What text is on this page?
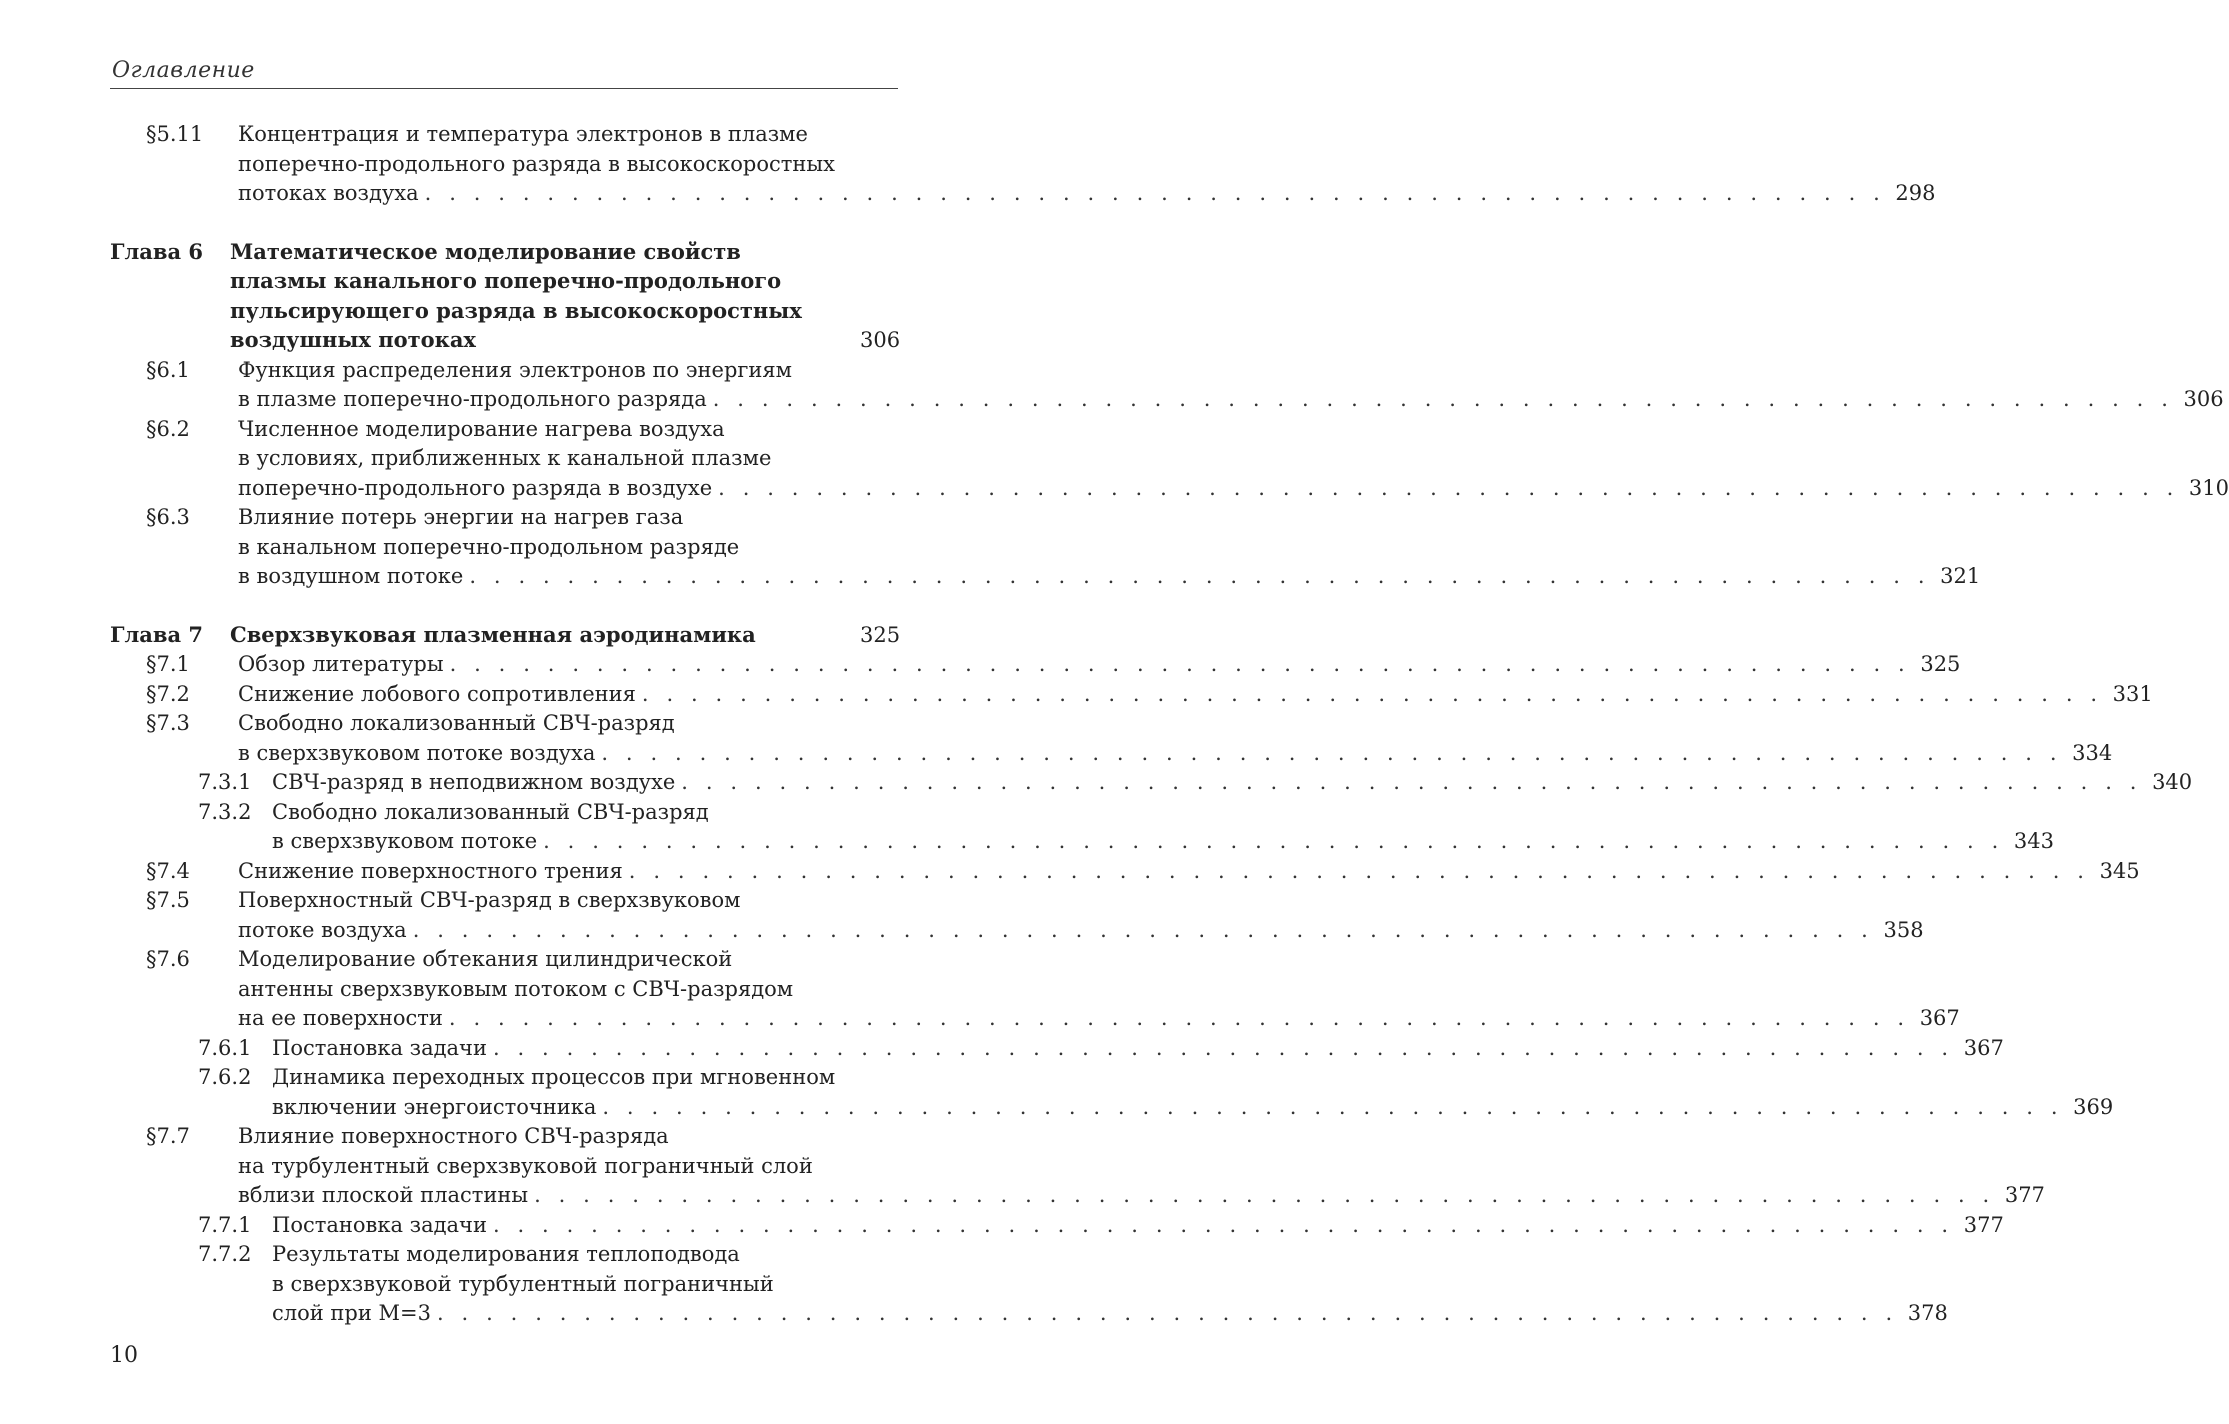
Оглавление
§5.11 Концентрация и температура электронов в плазме
поперечно-продольного разряда в высокоскоростных
потоках воздуха . . . . . . . . . . . . . . . . . . . . . . . . . . . . . . . . . . . . . . . . . . . . . . . . . . . . . . . . . . . . 298
Глава 6 Математическое моделирование свойств
плазмы канального поперечно-продольного
пульсирующего разряда в высокоскоростных
воздушных потоках	306
§6.1 Функция распределения электронов по энергиям
в плазме поперечно-продольного разряда . . . . . . . . . . . . . . . . . . . . . . . . . . . . . . . . . . . . . . . . . . . . . . . . . . . . . . . . . . . . 306
§6.2 Численное моделирование нагрева воздуха
в условиях, приближенных к канальной плазме
поперечно-продольного разряда в воздухе . . . . . . . . . . . . . . . . . . . . . . . . . . . . . . . . . . . . . . . . . . . . . . . . . . . . . . . . . . . . 310
§6.3 Влияние потерь энергии на нагрев газа
в канальном поперечно-продольном разряде
в воздушном потоке . . . . . . . . . . . . . . . . . . . . . . . . . . . . . . . . . . . . . . . . . . . . . . . . . . . . . . . . . . . . 321
Глава 7 Сверхзвуковая плазменная аэродинамика	325
§7.1 Обзор литературы . . . . . . . . . . . . . . . . . . . . . . . . . . . . . . . . . . . . . . . . . . . . . . . . . . . . . . . . . . . . 325
§7.2 Снижение лобового сопротивления . . . . . . . . . . . . . . . . . . . . . . . . . . . . . . . . . . . . . . . . . . . . . . . . . . . . . . . . . . . . 331
§7.3 Свободно локализованный СВЧ-разряд
в сверхзвуковом потоке воздуха . . . . . . . . . . . . . . . . . . . . . . . . . . . . . . . . . . . . . . . . . . . . . . . . . . . . . . . . . . . . 334
7.3.1 СВЧ-разряд в неподвижном воздухе . . . . . . . . . . . . . . . . . . . . . . . . . . . . . . . . . . . . . . . . . . . . . . . . . . . . . . . . . . . . 340
7.3.2 Свободно локализованный СВЧ-разряд
в сверхзвуковом потоке . . . . . . . . . . . . . . . . . . . . . . . . . . . . . . . . . . . . . . . . . . . . . . . . . . . . . . . . . . . . 343
§7.4 Снижение поверхностного трения . . . . . . . . . . . . . . . . . . . . . . . . . . . . . . . . . . . . . . . . . . . . . . . . . . . . . . . . . . . . 345
§7.5 Поверхностный СВЧ-разряд в сверхзвуковом
потоке воздуха . . . . . . . . . . . . . . . . . . . . . . . . . . . . . . . . . . . . . . . . . . . . . . . . . . . . . . . . . . . . 358
§7.6 Моделирование обтекания цилиндрической
антенны сверхзвуковым потоком с СВЧ-разрядом
на ее поверхности . . . . . . . . . . . . . . . . . . . . . . . . . . . . . . . . . . . . . . . . . . . . . . . . . . . . . . . . . . . . 367
7.6.1 Постановка задачи . . . . . . . . . . . . . . . . . . . . . . . . . . . . . . . . . . . . . . . . . . . . . . . . . . . . . . . . . . . . 367
7.6.2 Динамика переходных процессов при мгновенном
включении энергоисточника . . . . . . . . . . . . . . . . . . . . . . . . . . . . . . . . . . . . . . . . . . . . . . . . . . . . . . . . . . . . 369
§7.7 Влияние поверхностного СВЧ-разряда
на турбулентный сверхзвуковой пограничный слой
вблизи плоской пластины . . . . . . . . . . . . . . . . . . . . . . . . . . . . . . . . . . . . . . . . . . . . . . . . . . . . . . . . . . . . 377
7.7.1 Постановка задачи . . . . . . . . . . . . . . . . . . . . . . . . . . . . . . . . . . . . . . . . . . . . . . . . . . . . . . . . . . . . 377
7.7.2 Результаты моделирования теплоподвода
в сверхзвуковой турбулентный пограничный
слой при M=3 . . . . . . . . . . . . . . . . . . . . . . . . . . . . . . . . . . . . . . . . . . . . . . . . . . . . . . . . . . . . 378
10
